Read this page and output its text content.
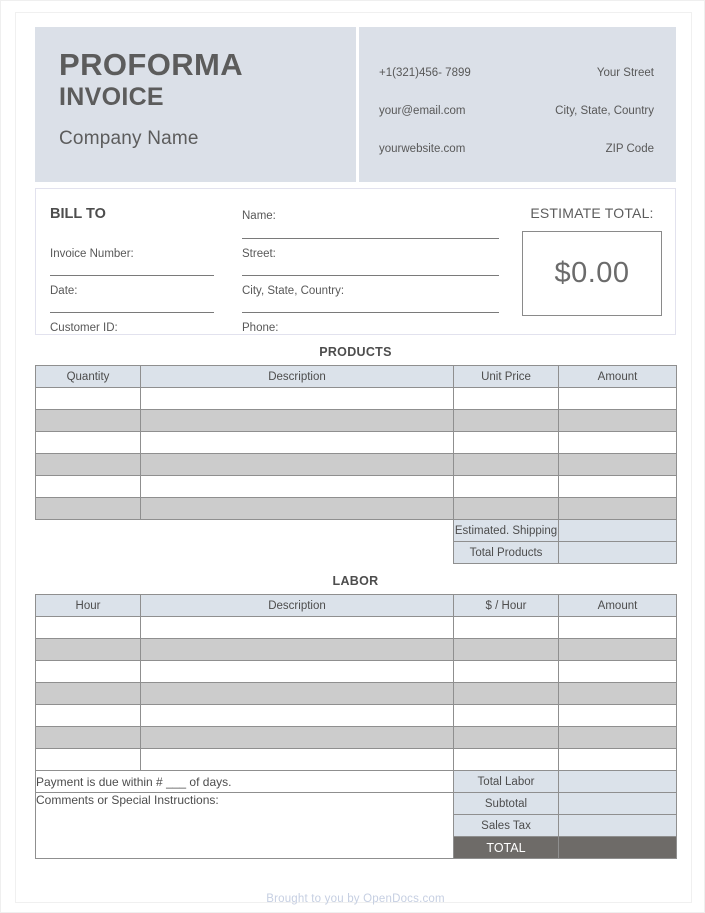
PROFORMA
INVOICE
Company Name
+1(321)456- 7899	Your Street
your@email.com	City, State, Country
yourwebsite.com	ZIP Code
BILL TO
Invoice Number:
Date:
Customer ID:
Name:
Street:
City, State, Country:
Phone:
ESTIMATE TOTAL:
$0.00
PRODUCTS
Quantity	Description	Unit Price	Amount

		Estimated. Shipping	
		Total Products	
LABOR
Hour	Description	$ / Hour	Amount

Payment is due within # ___ of days.		Total Labor	
Comments or Special Instructions:		Subtotal	
		Sales Tax	
		TOTAL	
Brought to you by OpenDocs.com
